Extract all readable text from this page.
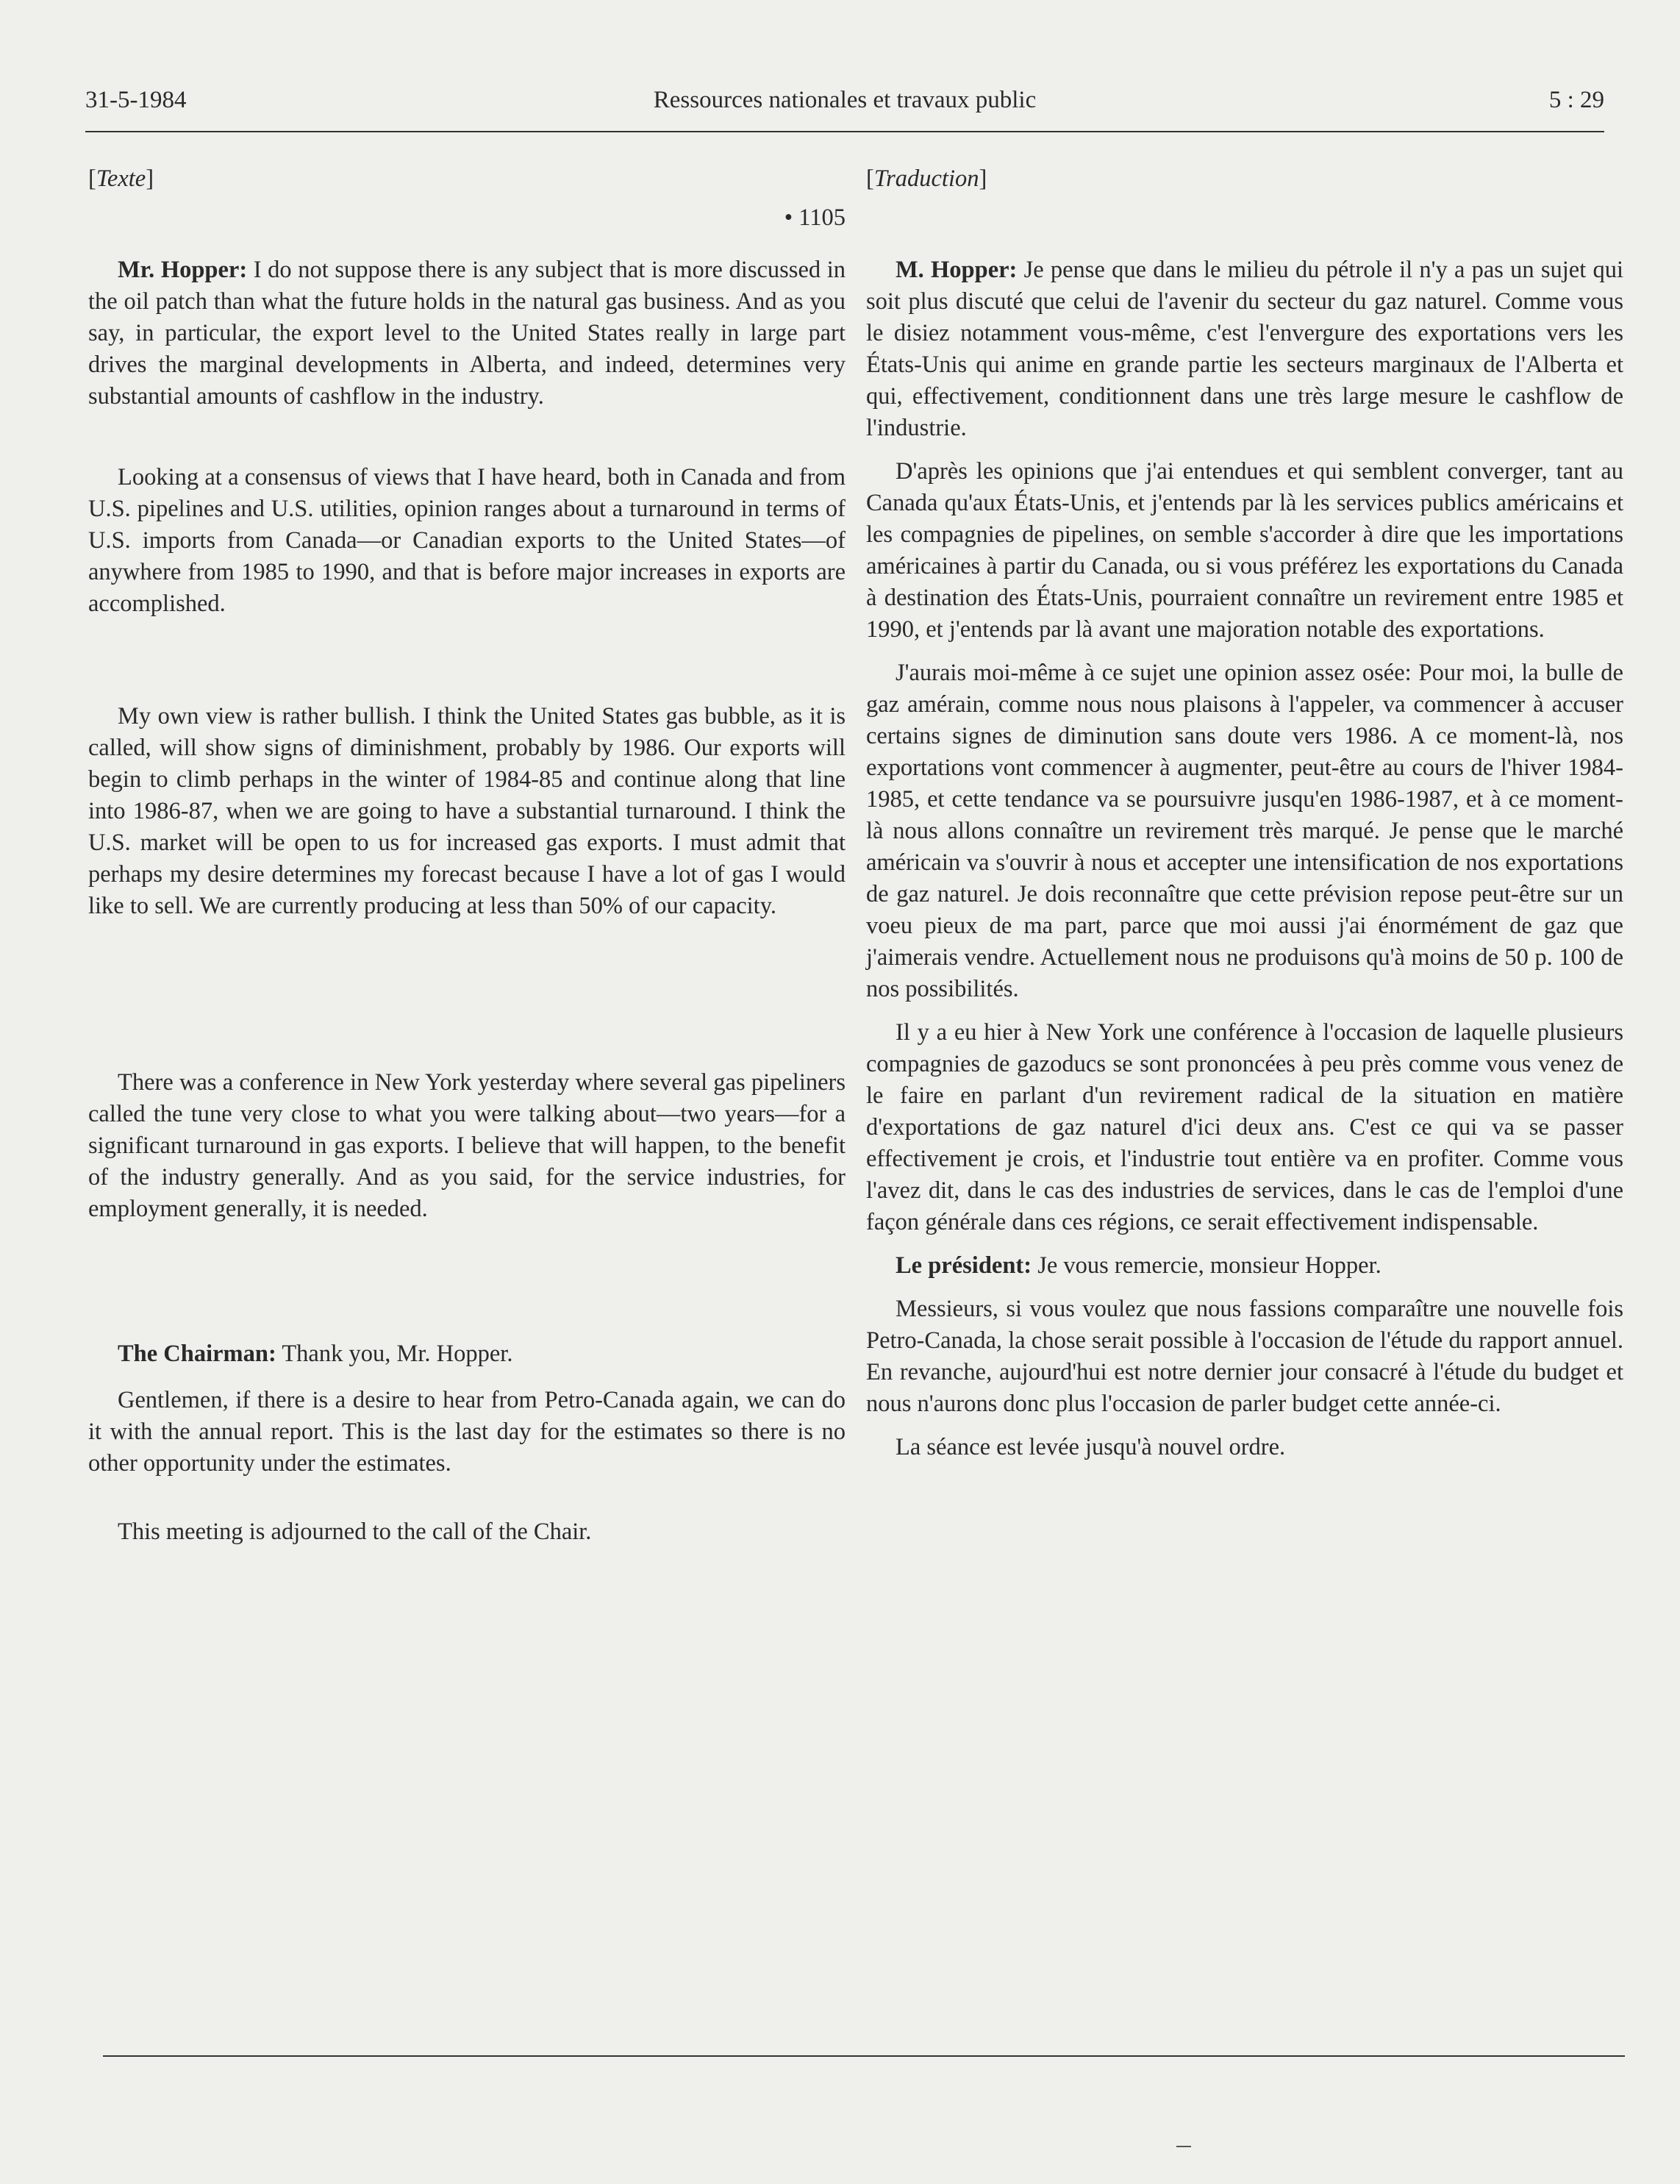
31-5-1984	Ressources nationales et travaux public	5 : 29

[Texte]

• 1105

Mr. Hopper: I do not suppose there is any subject that is more discussed in the oil patch than what the future holds in the natural gas business. And as you say, in particular, the export level to the United States really in large part drives the marginal developments in Alberta, and indeed, determines very substantial amounts of cashflow in the industry.

Looking at a consensus of views that I have heard, both in Canada and from U.S. pipelines and U.S. utilities, opinion ranges about a turnaround in terms of U.S. imports from Canada—or Canadian exports to the United States—of anywhere from 1985 to 1990, and that is before major increases in exports are accomplished.

My own view is rather bullish. I think the United States gas bubble, as it is called, will show signs of diminishment, probably by 1986. Our exports will begin to climb perhaps in the winter of 1984-85 and continue along that line into 1986-87, when we are going to have a substantial turnaround. I think the U.S. market will be open to us for increased gas exports. I must admit that perhaps my desire determines my forecast because I have a lot of gas I would like to sell. We are currently producing at less than 50% of our capacity.

There was a conference in New York yesterday where several gas pipeliners called the tune very close to what you were talking about—two years—for a significant turnaround in gas exports. I believe that will happen, to the benefit of the industry generally. And as you said, for the service industries, for employment generally, it is needed.

The Chairman: Thank you, Mr. Hopper.

Gentlemen, if there is a desire to hear from Petro-Canada again, we can do it with the annual report. This is the last day for the estimates so there is no other opportunity under the estimates.

This meeting is adjourned to the call of the Chair.

[Traduction]

M. Hopper: Je pense que dans le milieu du pétrole il n'y a pas un sujet qui soit plus discuté que celui de l'avenir du secteur du gaz naturel. Comme vous le disiez notamment vous-même, c'est l'envergure des exportations vers les États-Unis qui anime en grande partie les secteurs marginaux de l'Alberta et qui, effectivement, conditionnent dans une très large mesure le cashflow de l'industrie.

D'après les opinions que j'ai entendues et qui semblent converger, tant au Canada qu'aux États-Unis, et j'entends par là les services publics américains et les compagnies de pipelines, on semble s'accorder à dire que les importations américaines à partir du Canada, ou si vous préférez les exportations du Canada à destination des États-Unis, pourraient connaître un revirement entre 1985 et 1990, et j'entends par là avant une majoration notable des exportations.

J'aurais moi-même à ce sujet une opinion assez osée: Pour moi, la bulle de gaz amérain, comme nous nous plaisons à l'appeler, va commencer à accuser certains signes de diminution sans doute vers 1986. A ce moment-là, nos exportations vont commencer à augmenter, peut-être au cours de l'hiver 1984-1985, et cette tendance va se poursuivre jusqu'en 1986-1987, et à ce moment-là nous allons connaître un revirement très marqué. Je pense que le marché américain va s'ouvrir à nous et accepter une intensification de nos exportations de gaz naturel. Je dois reconnaître que cette prévision repose peut-être sur un voeu pieux de ma part, parce que moi aussi j'ai énormément de gaz que j'aimerais vendre. Actuellement nous ne produisons qu'à moins de 50 p. 100 de nos possibilités.

Il y a eu hier à New York une conférence à l'occasion de laquelle plusieurs compagnies de gazoducs se sont prononcées à peu près comme vous venez de le faire en parlant d'un revirement radical de la situation en matière d'exportations de gaz naturel d'ici deux ans. C'est ce qui va se passer effectivement je crois, et l'industrie tout entière va en profiter. Comme vous l'avez dit, dans le cas des industries de services, dans le cas de l'emploi d'une façon générale dans ces régions, ce serait effectivement indispensable.

Le président: Je vous remercie, monsieur Hopper.

Messieurs, si vous voulez que nous fassions comparaître une nouvelle fois Petro-Canada, la chose serait possible à l'occasion de l'étude du rapport annuel. En revanche, aujourd'hui est notre dernier jour consacré à l'étude du budget et nous n'aurons donc plus l'occasion de parler budget cette année-ci.

La séance est levée jusqu'à nouvel ordre.
